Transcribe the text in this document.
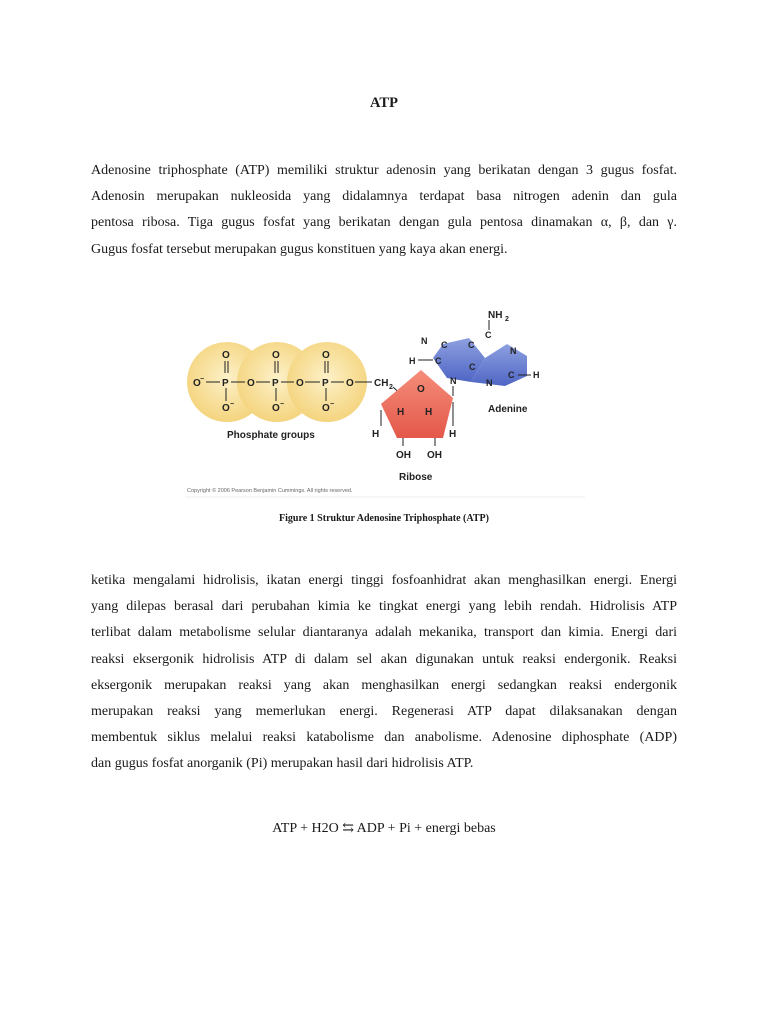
ATP
Adenosine triphosphate (ATP) memiliki struktur adenosin yang berikatan dengan 3 gugus fosfat.
Adenosin merupakan nukleosida yang didalamnya terdapat basa nitrogen adenin dan gula
pentosa ribosa. Tiga gugus fosfat yang berikatan dengan gula pentosa dinamakan α, β, dan γ.
Gugus fosfat tersebut merupakan gugus konstituen yang kaya akan energi.
O − P O P O P O
O	O	O
O −	O −	O −
CH 2 O
H H
H	H
OH OH
Ribose
N C C
C
N
C
N
C
N
C
H
H
NH 2
Adenine
Phosphate groups
Copyright © 2006 Pearson Benjamin Cummings. All rights reserved.
Figure 1 Struktur Adenosine Triphosphate (ATP)
ketika mengalami hidrolisis, ikatan energi tinggi fosfoanhidrat akan menghasilkan energi. Energi
yang dilepas berasal dari perubahan kimia ke tingkat energi yang lebih rendah. Hidrolisis ATP
terlibat dalam metabolisme selular diantaranya adalah mekanika, transport dan kimia. Energi dari
reaksi eksergonik hidrolisis ATP di dalam sel akan digunakan untuk reaksi endergonik. Reaksi
eksergonik merupakan reaksi yang akan menghasilkan energi sedangkan reaksi endergonik
merupakan reaksi yang memerlukan energi. Regenerasi ATP dapat dilaksanakan dengan
membentuk siklus melalui reaksi katabolisme dan anabolisme. Adenosine diphosphate (ADP)
dan gugus fosfat anorganik (Pi) merupakan hasil dari hidrolisis ATP.
ATP + H2O ⇆ ADP + Pi + energi bebas
